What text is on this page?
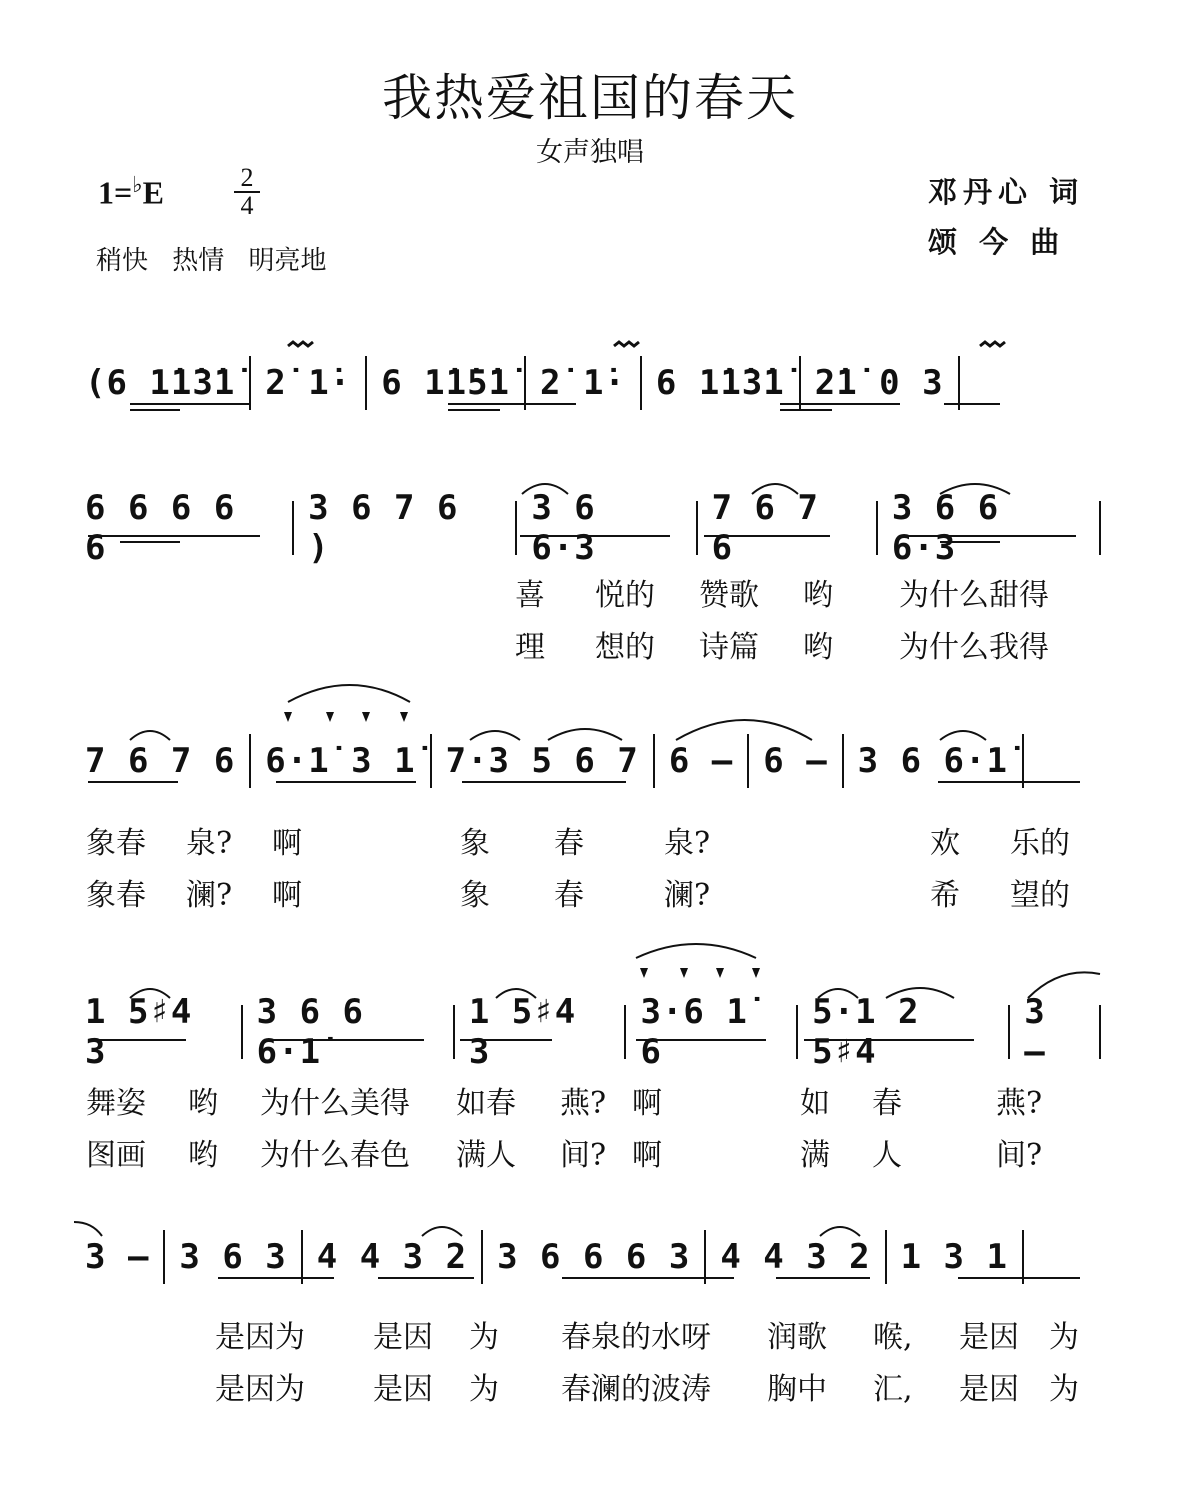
我热爱祖国的春天
女声独唱
1=♭E	2
4
稍快 热情 明亮地
邓丹心 词
颂 今 曲
(6 1̇1̇3̇1̇ 2̇ 1̇· 6 1̇1̇5̇1̇ 2̇ 1̇· 6 1̇1̇3̇1̇ 2̇1̇ 0 3
6 6 6 6 6
3 6 7 6 )
3 6 6·3
7 6 7 6
3 6 6 6·3
喜 悦的 赞歌 哟 为什么甜得
理 想的 诗篇 哟 为什么我得
7 6 7 6 6·1̇ 3 1̇ 7·3 5 6 7 6 – 6 – 3 6 6·1̇
象春 泉? 啊	象 春	泉?	欢 乐的
象春 澜? 啊	象 春	澜?	希 望的
1 5♯4 3
3 6 6 6·1̇
1 5♯4 3
3·6 1̇ 6
5·1 2 5♯4
3 –
舞姿 哟 为什么美得 如春 燕? 啊	如 春	燕?
图画 哟 为什么春色 满人 间? 啊	满 人	间?
3 – 3 6 3 4 4 3 2 3 6 6 6 3 4 4 3 2 1 3 1
是因为 是因 为 春泉的水呀 润歌 喉, 是因 为
是因为 是因 为 春澜的波涛 胸中 汇, 是因 为
